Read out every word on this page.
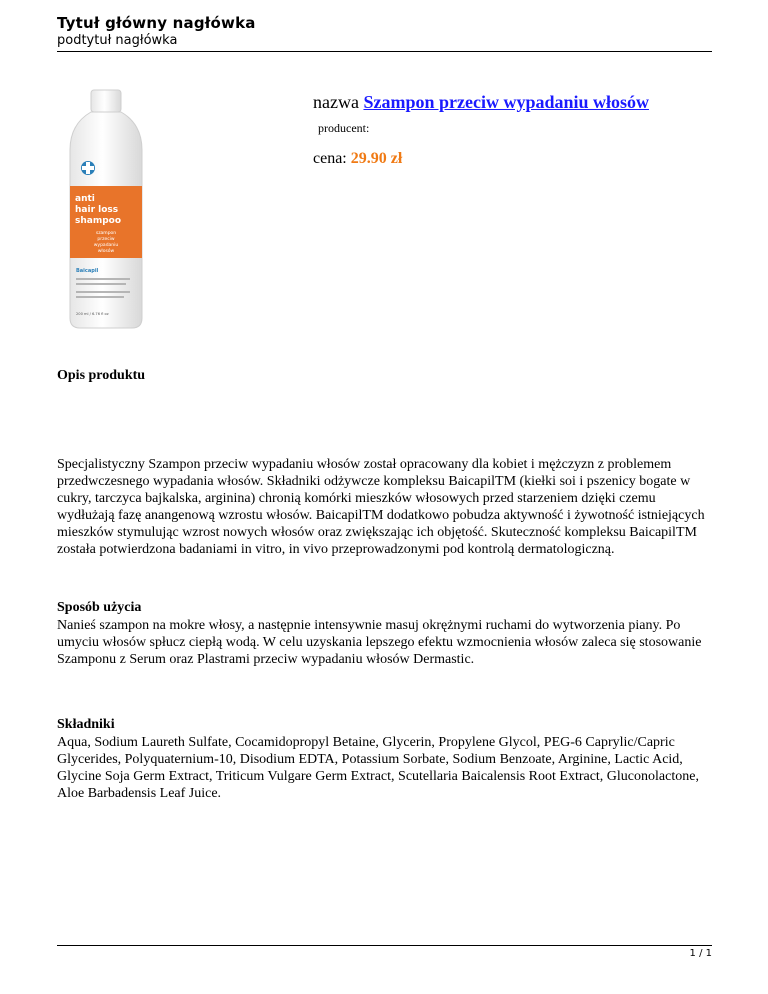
Tytuł główny nagłówka
podtytuł nagłówka
anti
hair loss
shampoo
szampon
przeciw
wypadaniu
włosów
Baicapil
200 ml / 6.76 fl oz
nazwa Szampon przeciw wypadaniu włosów
producent:
cena: 29.90 zł
Opis produktu
Specjalistyczny Szampon przeciw wypadaniu włosów został opracowany dla kobiet i mężczyzn z problemem przedwczesnego wypadania włosów. Składniki odżywcze kompleksu BaicapilTM (kiełki soi i pszenicy bogate w cukry, tarczyca bajkalska, arginina) chronią komórki mieszków włosowych przed starzeniem dzięki czemu wydłużają fazę anangenową wzrostu włosów. BaicapilTM dodatkowo pobudza aktywność i żywotność istniejących mieszków stymulując wzrost nowych włosów oraz zwiększając ich objętość. Skuteczność kompleksu BaicapilTM została potwierdzona badaniami in vitro, in vivo przeprowadzonymi pod kontrolą dermatologiczną.
Sposób użycia
Nanieś szampon na mokre włosy, a następnie intensywnie masuj okrężnymi ruchami do wytworzenia piany. Po umyciu włosów spłucz ciepłą wodą. W celu uzyskania lepszego efektu wzmocnienia włosów zaleca się stosowanie Szamponu z Serum oraz Plastrami przeciw wypadaniu włosów Dermastic.
Składniki
Aqua, Sodium Laureth Sulfate, Cocamidopropyl Betaine, Glycerin, Propylene Glycol, PEG-6 Caprylic/Capric Glycerides, Polyquaternium-10, Disodium EDTA, Potassium Sorbate, Sodium Benzoate, Arginine, Lactic Acid, Glycine Soja Germ Extract, Triticum Vulgare Germ Extract, Scutellaria Baicalensis Root Extract, Gluconolactone, Aloe Barbadensis Leaf Juice.
1 / 1
